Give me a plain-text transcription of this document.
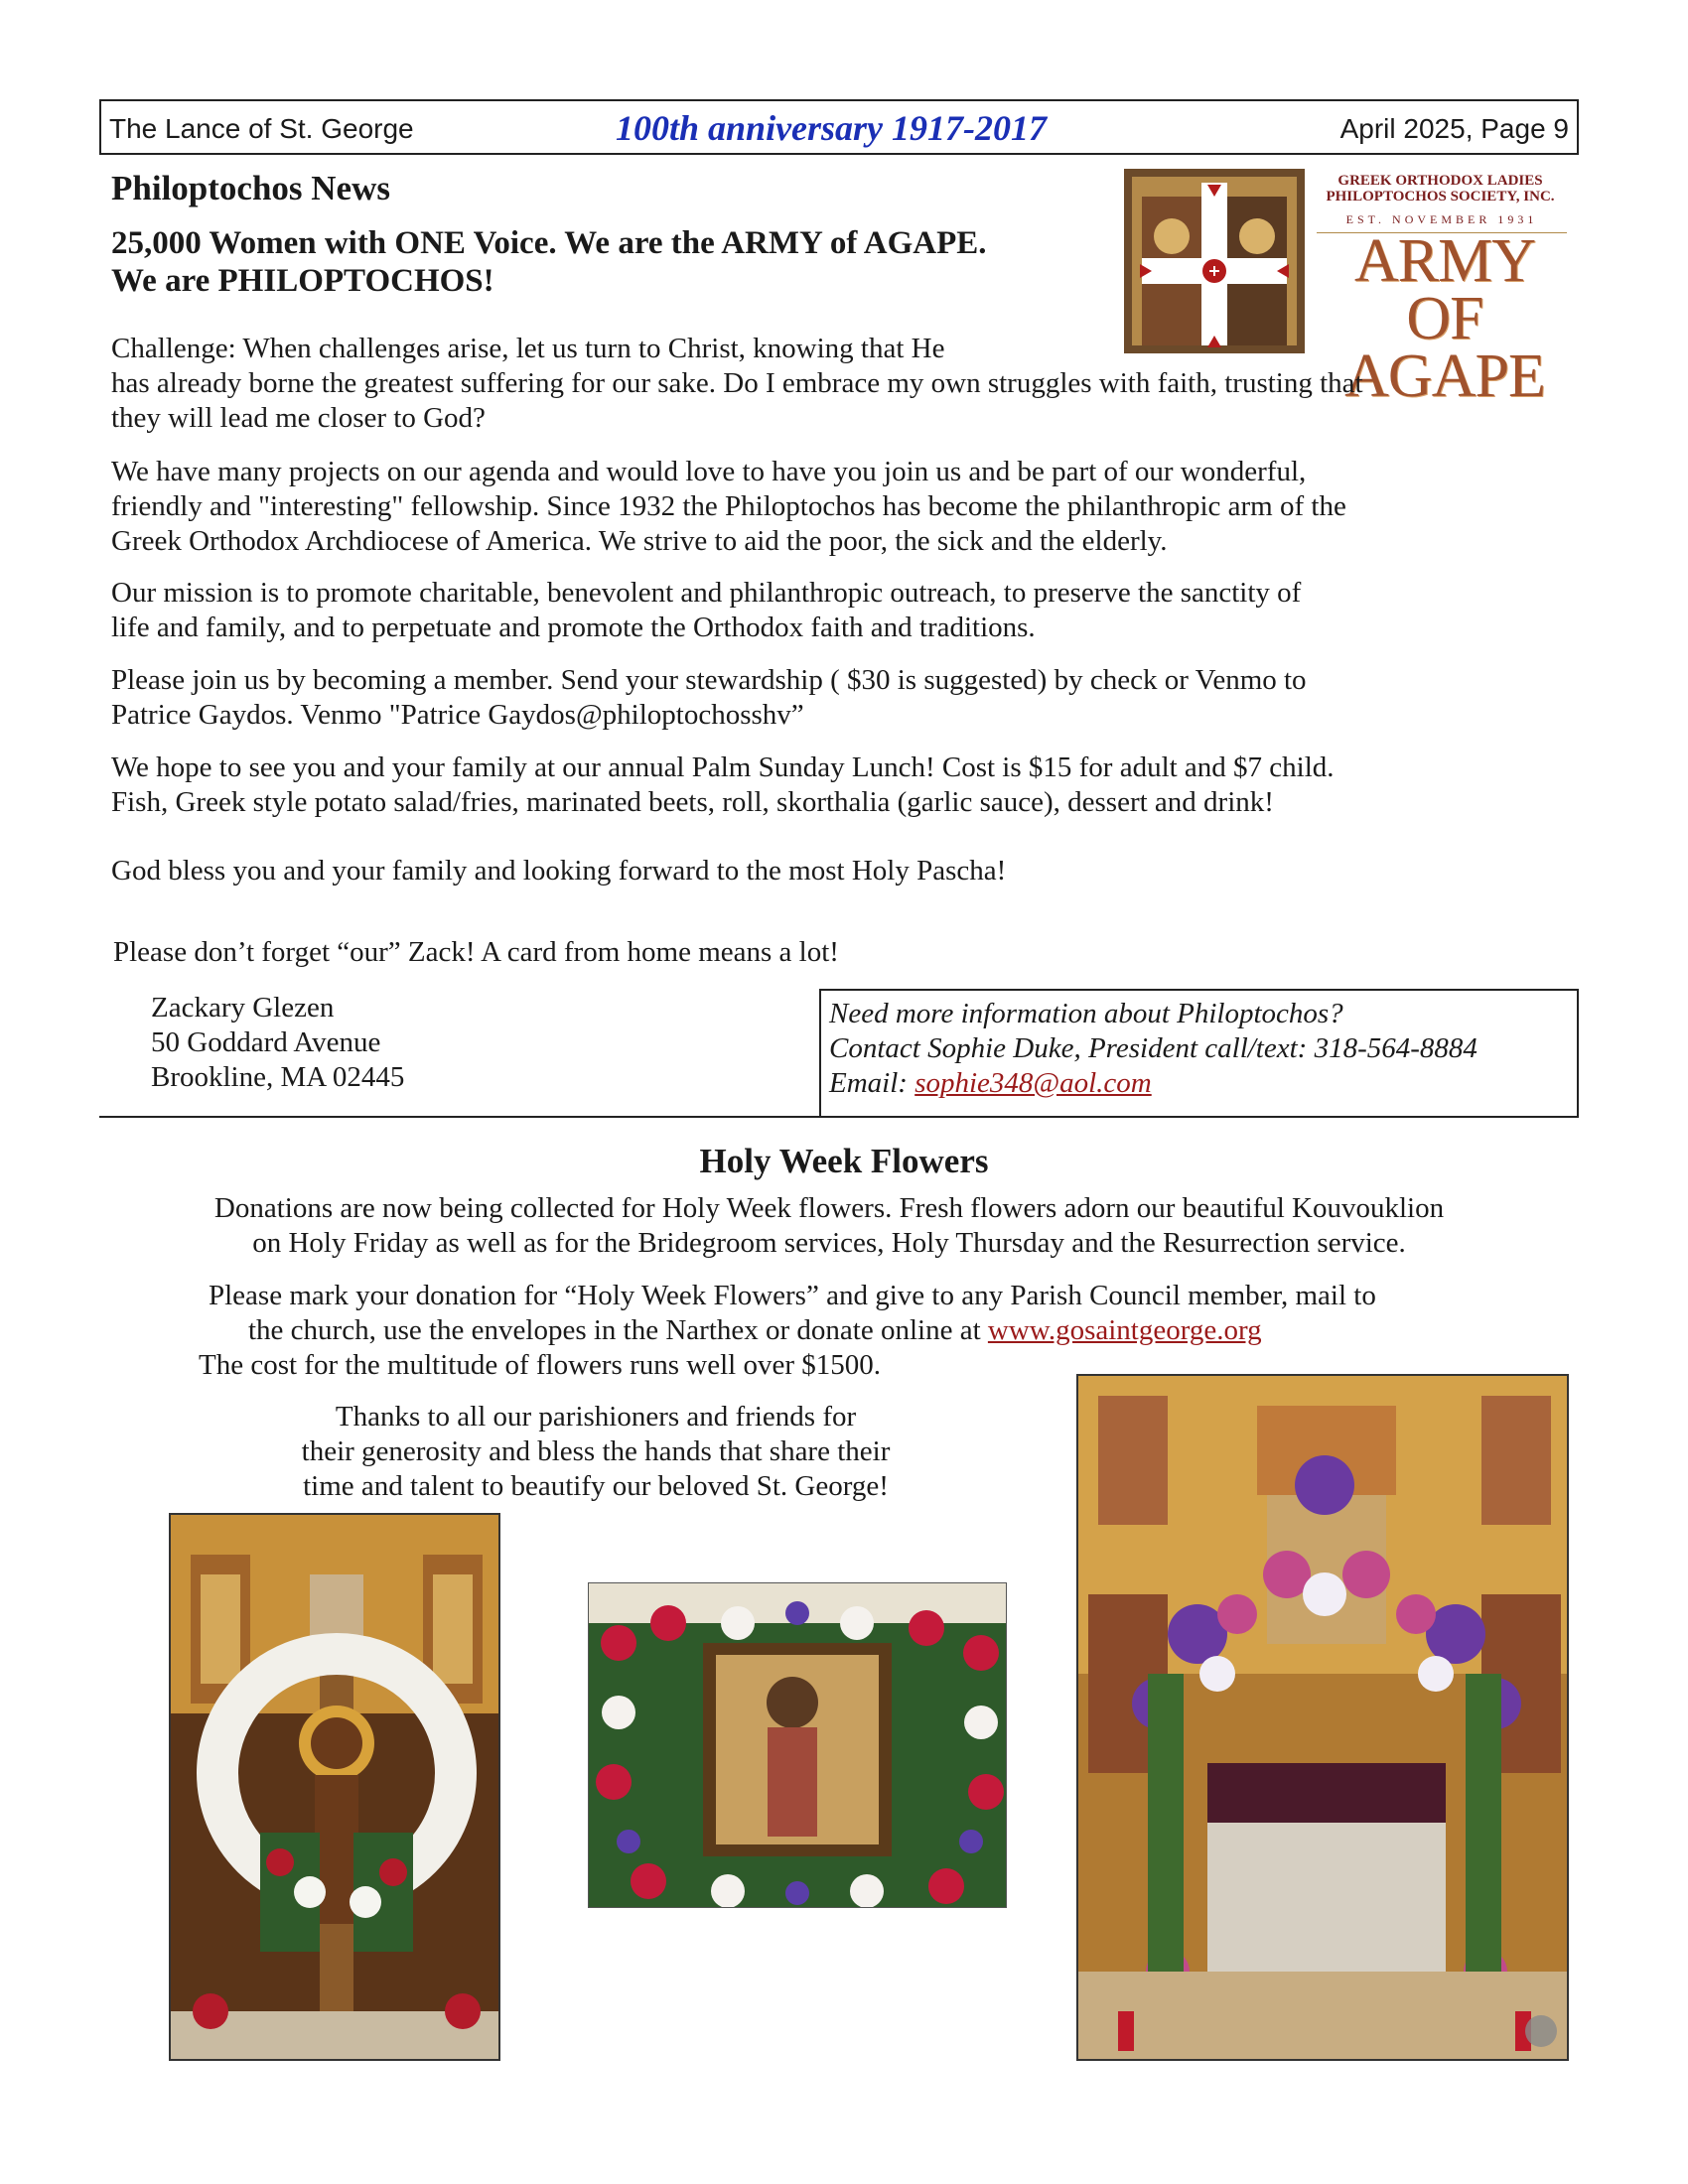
The Lance of St. George	100th anniversary 1917-2017	April 2025, Page 9
Philoptochos News
25,000 Women with ONE Voice. We are the ARMY of AGAPE.
We are PHILOPTOCHOS!
GREEK ORTHODOX LADIES
PHILOPTOCHOS SOCIETY, INC.
EST. NOVEMBER 1931
ARMY
OF AGAPE
Challenge: When challenges arise, let us turn to Christ, knowing that He
has already borne the greatest suffering for our sake. Do I embrace my own struggles with faith, trusting that
they will lead me closer to God?
We have many projects on our agenda and would love to have you join us and be part of our wonderful,
friendly and "interesting" fellowship. Since 1932 the Philoptochos has become the philanthropic arm of the
Greek Orthodox Archdiocese of America. We strive to aid the poor, the sick and the elderly.
Our mission is to promote charitable, benevolent and philanthropic outreach, to preserve the sanctity of
life and family, and to perpetuate and promote the Orthodox faith and traditions.
Please join us by becoming a member. Send your stewardship ( $30 is suggested) by check or Venmo to
Patrice Gaydos. Venmo "Patrice Gaydos@philoptochosshv”
We hope to see you and your family at our annual Palm Sunday Lunch! Cost is $15 for adult and $7 child.
Fish, Greek style potato salad/fries, marinated beets, roll, skorthalia (garlic sauce), dessert and drink!
God bless you and your family and looking forward to the most Holy Pascha!
Please don’t forget “our” Zack! A card from home means a lot!
Zackary Glezen
50 Goddard Avenue
Brookline, MA 02445
Need more information about Philoptochos?
Contact Sophie Duke, President call/text: 318-564-8884
Email: sophie348@aol.com
Holy Week Flowers
Donations are now being collected for Holy Week flowers. Fresh flowers adorn our beautiful Kouvouklion
on Holy Friday as well as for the Bridegroom services, Holy Thursday and the Resurrection service.
Please mark your donation for “Holy Week Flowers” and give to any Parish Council member, mail to
the church, use the envelopes in the Narthex or donate online at www.gosaintgeorge.org
The cost for the multitude of flowers runs well over $1500.
Thanks to all our parishioners and friends for
their generosity and bless the hands that share their
time and talent to beautify our beloved St. George!
